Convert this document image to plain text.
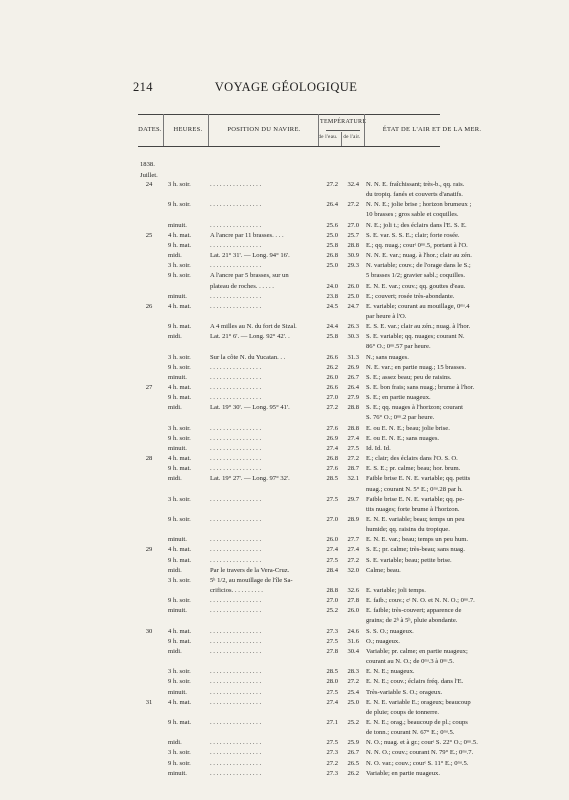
214	VOYAGE GÉOLOGIQUE
DATES.	HEURES.	POSITION DU NAVIRE.
TEMPÉRATURE
de l'eau.	de l'air.
ÉTAT DE L'AIR ET DE LA MER.
1838.
Juillet.
24	3 h. soir.	. . . . . . . . . . . . . . . .	27.2	32.4 N. N. E. fraîchissant; très-b., qq. rais.
du tropiq. fanés et couverts d'anatifs.
9 h. soir.	. . . . . . . . . . . . . . . .	26.4	27.2 N. N. E.; jolie brise ; horizon brumeux ;
10 brasses ; gros sable et coquilles.
minuit.	. . . . . . . . . . . . . . . .	25.6	27.0 N. E.; joli t.; des éclairs dans l'E. S. E.
25	4 h. mat.	A l'ancre par 11 brasses. . . .	25.0	25.7 S. E. var. S. S. E.; clair; forte rosée.
9 h. mat.	. . . . . . . . . . . . . . . .	25.8	28.8 E.; qq. nuag.; courᵗ 0ᵐᶦ.5, portant à l'O.
midi.	Lat. 21° 31'. — Long. 94° 16'.	26.8	30.9 N. N. E. var.; nuag. à l'hor.; clair au zén.
3 h. soir.	. . . . . . . . . . . . . . . .	25.0	29.3 N. variable; couv.; de l'orage dans le S.;
9 h. soir.	A l'ancre par 5 brasses, sur un	5 brasses 1/2; gravier sabl.; coquilles.
plateau de roches. . . . . .	24.0	26.0 E. N. E. var.; couv.; qq. gouttes d'eau.
minuit.	. . . . . . . . . . . . . . . .	23.8	25.0 E.; couvert; rosée très-abondante.
26	4 h. mat.	. . . . . . . . . . . . . . . .	24.5	24.7 E. variable; courant au mouillage, 0ᵐᶦ.4
par heure à l'O.
9 h. mat.	A 4 milles au N. du fort de Sizal.	24.4	26.3 E. S. E. var.; clair au zén.; nuag. à l'hor.
midi.	Lat. 21° 6'. — Long. 92° 42'. .	25.8	30.3 S. E. variable; qq. nuages; courant N.
86° O.; 0ᵐᶦ.57 par heure.
3 h. soir.	Sur la côte N. du Yucatan. . .	26.6	31.3 N.; sans nuages.
9 h. soir.	. . . . . . . . . . . . . . . .	26.2	26.9 N. E. var.; en partie nuag.; 15 brasses.
minuit.	. . . . . . . . . . . . . . . .	26.0	26.7 S. E.; assez beau; peu de raisins.
27	4 h. mat.	. . . . . . . . . . . . . . . .	26.6	26.4 S. E. bon frais; sans nuag.; brume à l'hor.
9 h. mat.	. . . . . . . . . . . . . . . .	27.0	27.9 S. E.; en partie nuageux.
midi.	Lat. 19° 30'. — Long. 95° 41'.	27.2	28.8 S. E.; qq. nuages à l'horizon; courant
S. 76° O.; 0ᵐᶦ.2 par heure.
3 h. soir.	. . . . . . . . . . . . . . . .	27.6	28.8 E. ou E. N. E.; beau; jolie brise.
9 h. soir.	. . . . . . . . . . . . . . . .	26.9	27.4 E. ou E. N. E.; sans nuages.
minuit.	. . . . . . . . . . . . . . . .	27.4	27.5 Id. Id. Id.
28	4 h. mat.	. . . . . . . . . . . . . . . .	26.8	27.2 E.; clair; des éclairs dans l'O. S. O.
9 h. mat.	. . . . . . . . . . . . . . . .	27.6	28.7 E. S. E.; pr. calme; beau; hor. brum.
midi.	Lat. 19° 27'. — Long. 97° 32'.	28.5	32.1 Faible brise E. N. E. variable; qq. petits
nuag.; courant N. 5° E.; 0ᵐᶦ.28 par h.
3 h. soir.	. . . . . . . . . . . . . . . .	27.5	29.7 Faible brise E. N. E. variable; qq. pe-
tits nuages; forte brume à l'horizon.
9 h. soir.	. . . . . . . . . . . . . . . .	27.0	28.9 E. N. E. variable; beau; temps un peu
humide; qq. raisins du tropique.
minuit.	. . . . . . . . . . . . . . . .	26.0	27.7 E. N. E. var.; beau; temps un peu hum.
29	4 h. mat.	. . . . . . . . . . . . . . . .	27.4	27.4 S. E.; pr. calme; très-beau; sans nuag.
9 h. mat.	. . . . . . . . . . . . . . . .	27.5	27.2 S. E. variable; beau; petite brise.
midi.	Par le travers de la Vera-Cruz.	28.4	32.0 Calme; beau.
3 h. soir.	5ʰ 1/2, au mouillage de l'île Sa-
crificios. . . . . . . . . .	28.8	32.6 E. variable; joli temps.
9 h. soir.	. . . . . . . . . . . . . . . .	27.0	27.8 E. faib.; couv.; cᵗ N. O. et N. N. O.; 0ᵐᶦ.7.
minuit.	. . . . . . . . . . . . . . . .	25.2	26.0 E. faible; très-couvert; apparence de
grains; de 2ʰ à 5ʰ, pluie abondante.
30	4 h. mat.	. . . . . . . . . . . . . . . .	27.3	24.6 S. S. O.; nuageux.
9 h. mat.	. . . . . . . . . . . . . . . .	27.5	31.6 O.; nuageux.
midi.	. . . . . . . . . . . . . . . .	27.8	30.4 Variable; pr. calme; en partie nuageux;
courant au N. O.; de 0ᵐᶦ.3 à 0ᵐᶦ.5.
3 h. soir.	. . . . . . . . . . . . . . . .	28.5	28.3 E. N. E.; nuageux.
9 h. soir.	. . . . . . . . . . . . . . . .	28.0	27.2 E. N. E.; couv.; éclairs fréq. dans l'E.
minuit.	. . . . . . . . . . . . . . . .	27.5	25.4 Très-variable S. O.; orageux.
31	4 h. mat.	. . . . . . . . . . . . . . . .	27.4	25.0 E. N. E. variable E.; orageux; beaucoup
de pluie; coups de tonnerre.
9 h. mat.	. . . . . . . . . . . . . . . .	27.1	25.2 E. N. E.; orag.; beaucoup de pl.; coups
de tonn.; courant N. 67° E.; 0ᵐᶦ.5.
midi.	. . . . . . . . . . . . . . . .	27.5	25.9 N. O.; nuag. et à gr.; courᵗ S. 22° O.; 0ᵐᶦ.5.
3 h. soir.	. . . . . . . . . . . . . . . .	27.3	26.7 N. N. O.; couv.; courant N. 79° E.; 0ᵐᶦ.7.
9 h. soir.	. . . . . . . . . . . . . . . .	27.2	26.5 N. O. var.; couv.; courᵗ S. 11° E.; 0ᵐᶦ.5.
minuit.	. . . . . . . . . . . . . . . .	27.3	26.2 Variable; en partie nuageux.
